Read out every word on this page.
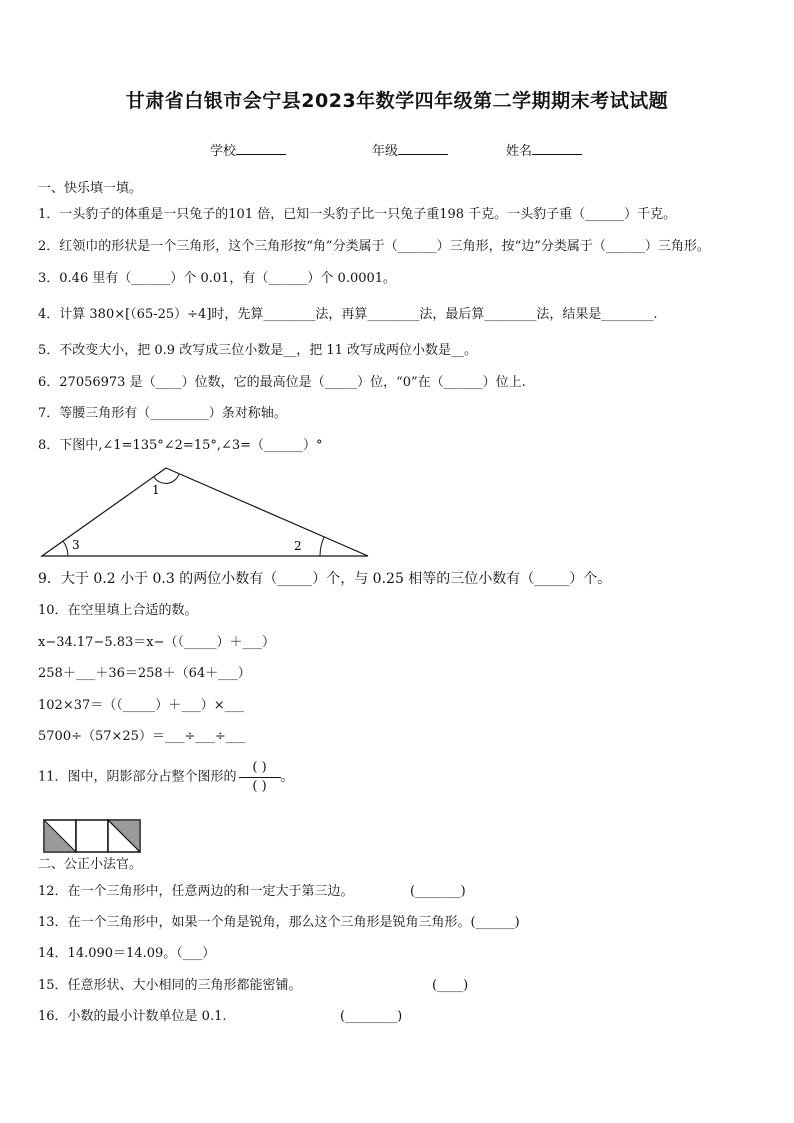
甘肃省白银市会宁县2023年数学四年级第二学期期末考试试题
学校	年级	姓名
一、快乐填一填。
1．一头豹子的体重是一只兔子的101 倍，已知一头豹子比一只兔子重198 千克。一头豹子重（______）千克。
2．红领巾的形状是一个三角形，这个三角形按“角”分类属于（______）三角形，按“边”分类属于（______）三角形。
3．0.46 里有（______）个 0.01，有（______）个 0.0001。
4．计算 380×[（65-25）÷4]时，先算________法，再算________法，最后算________法，结果是________.
5．不改变大小，把 0.9 改写成三位小数是__，把 11 改写成两位小数是__。
6．27056973 是（____）位数，它的最高位是（_____）位，“0”在（______）位上.
7．等腰三角形有（_________）条对称轴。
8．下图中,∠1=135°∠2=15°,∠3=（______）°
1
2
3
9．大于 0.2 小于 0.3 的两位小数有（_____）个，与 0.25 相等的三位小数有（_____）个。
10．在空里填上合适的数。
x−34.17−5.83＝x−（（_____）＋___）
258＋___＋36＝258＋（64＋___）
102×37＝（（_____）＋___）×___
5700÷（57×25）＝___÷___÷___
11．图中，阴影部分占整个图形的 $\frac{( )}{( )}$ 。
二、公正小法官。
12．在一个三角形中，任意两边的和一定大于第三边。	(_______)
13．在一个三角形中，如果一个角是锐角，那么这个三角形是锐角三角形。(______)
14．14.090＝14.09。（___）
15．任意形状、大小相同的三角形都能密铺。	(____)
16．小数的最小计数单位是 0.1.	(________)
